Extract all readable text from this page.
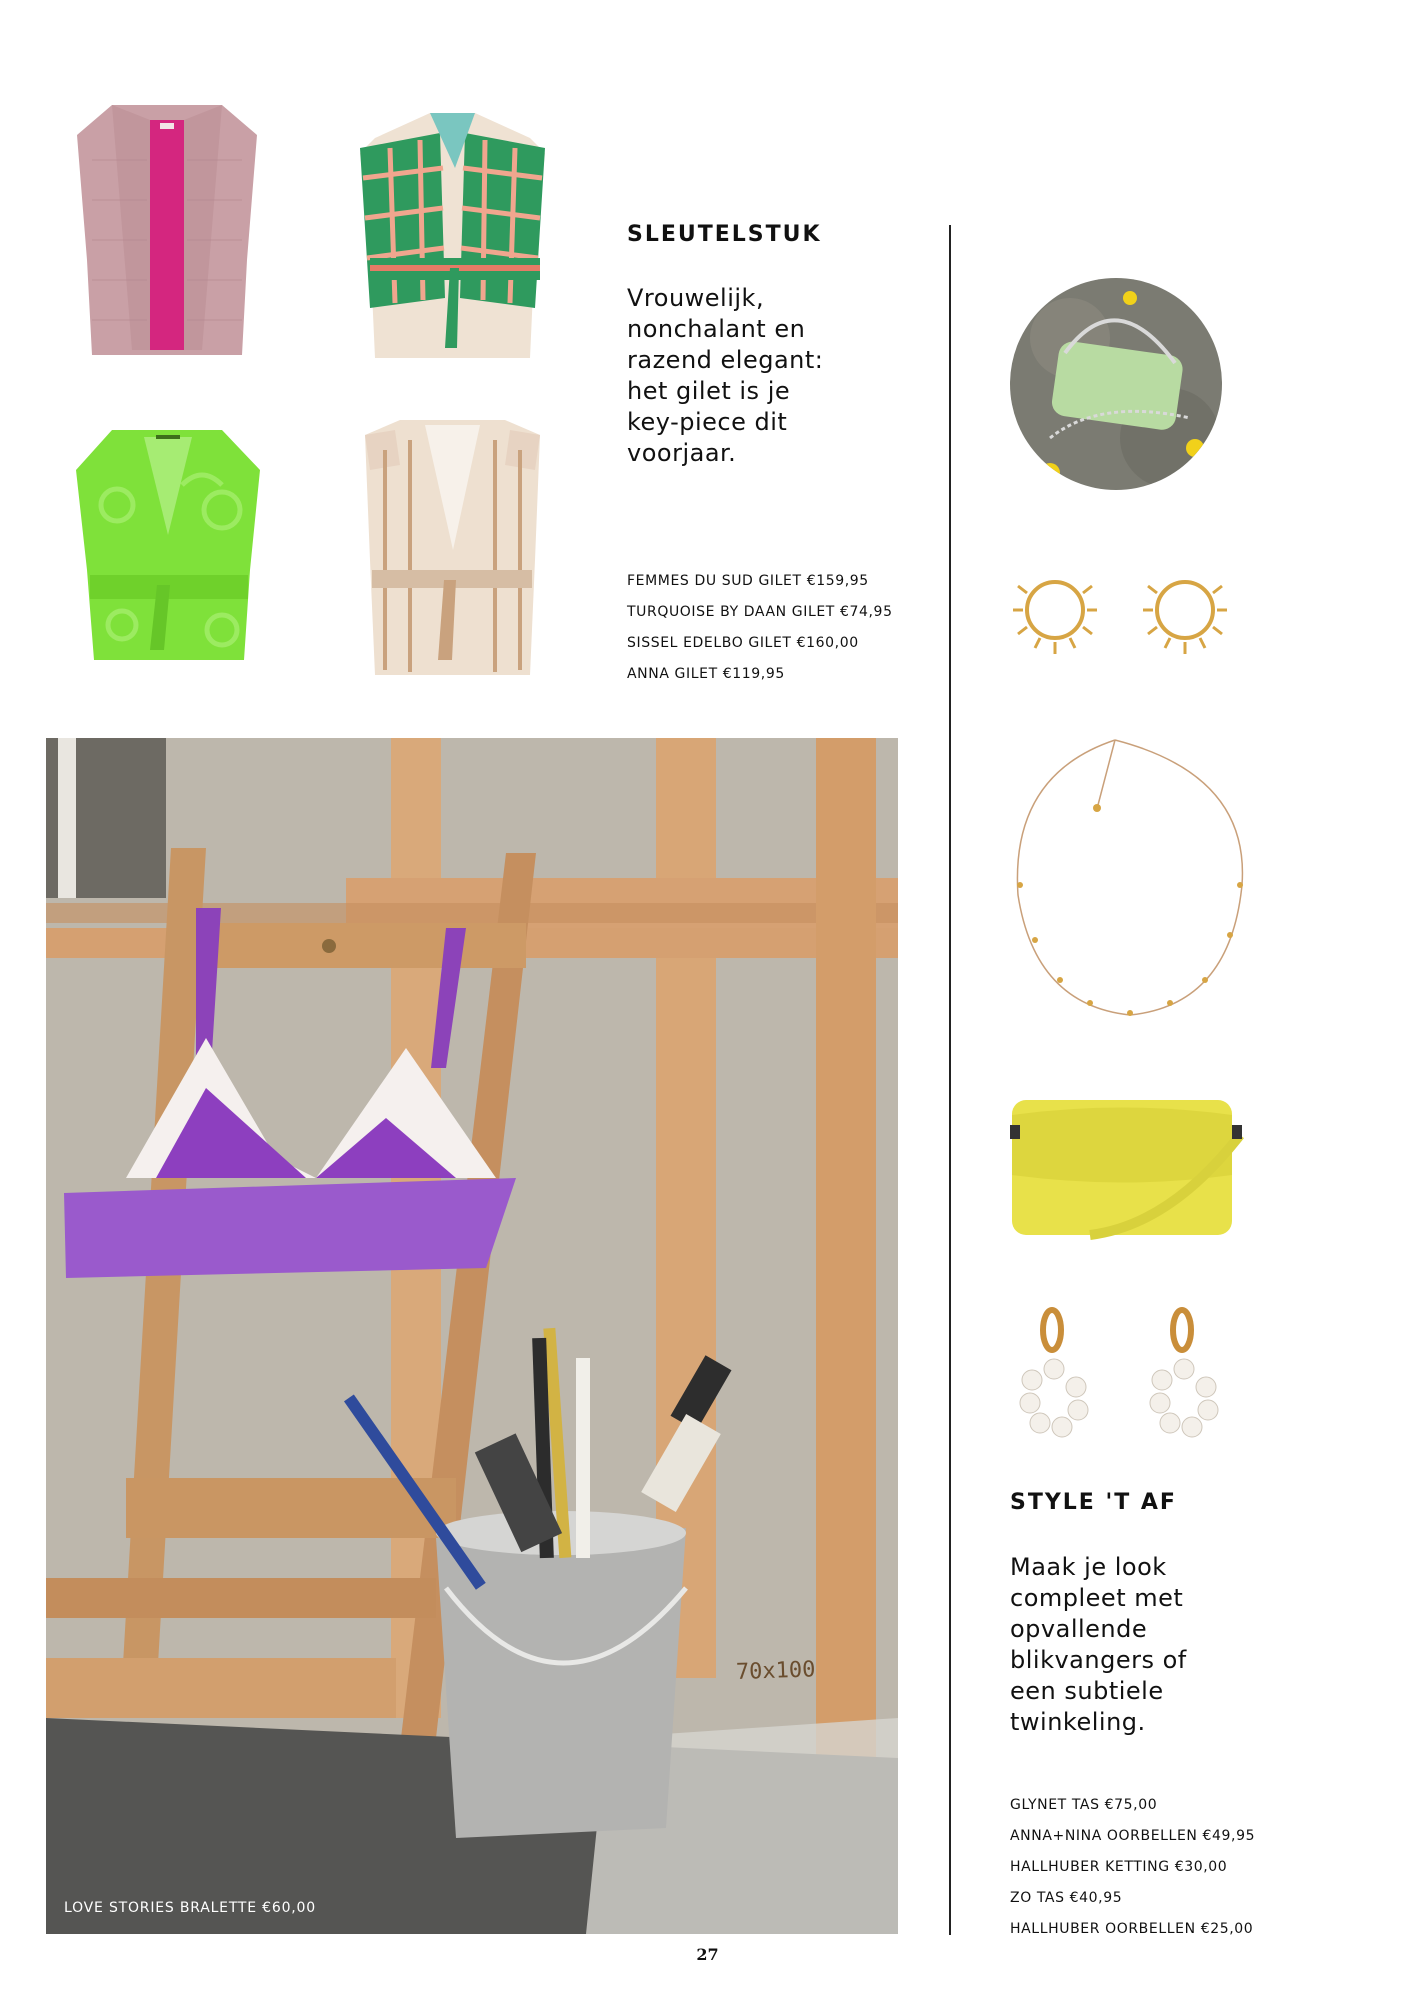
SLEUTELSTUK
Vrouwelijk, nonchalant en razend elegant: het gilet is je key-piece dit voorjaar.
FEMMES DU SUD GILET €159,95
TURQUOISE BY DAAN GILET €74,95
SISSEL EDELBO GILET €160,00
ANNA GILET €119,95
STYLE 'T AF
Maak je look compleet met opvallende blikvangers of een subtiele twinkeling.
GLYNET TAS €75,00
ANNA+NINA OORBELLEN €49,95
HALLHUBER KETTING €30,00
ZO TAS €40,95
HALLHUBER OORBELLEN €25,00
70x100
LOVE STORIES BRALETTE €60,00
27
